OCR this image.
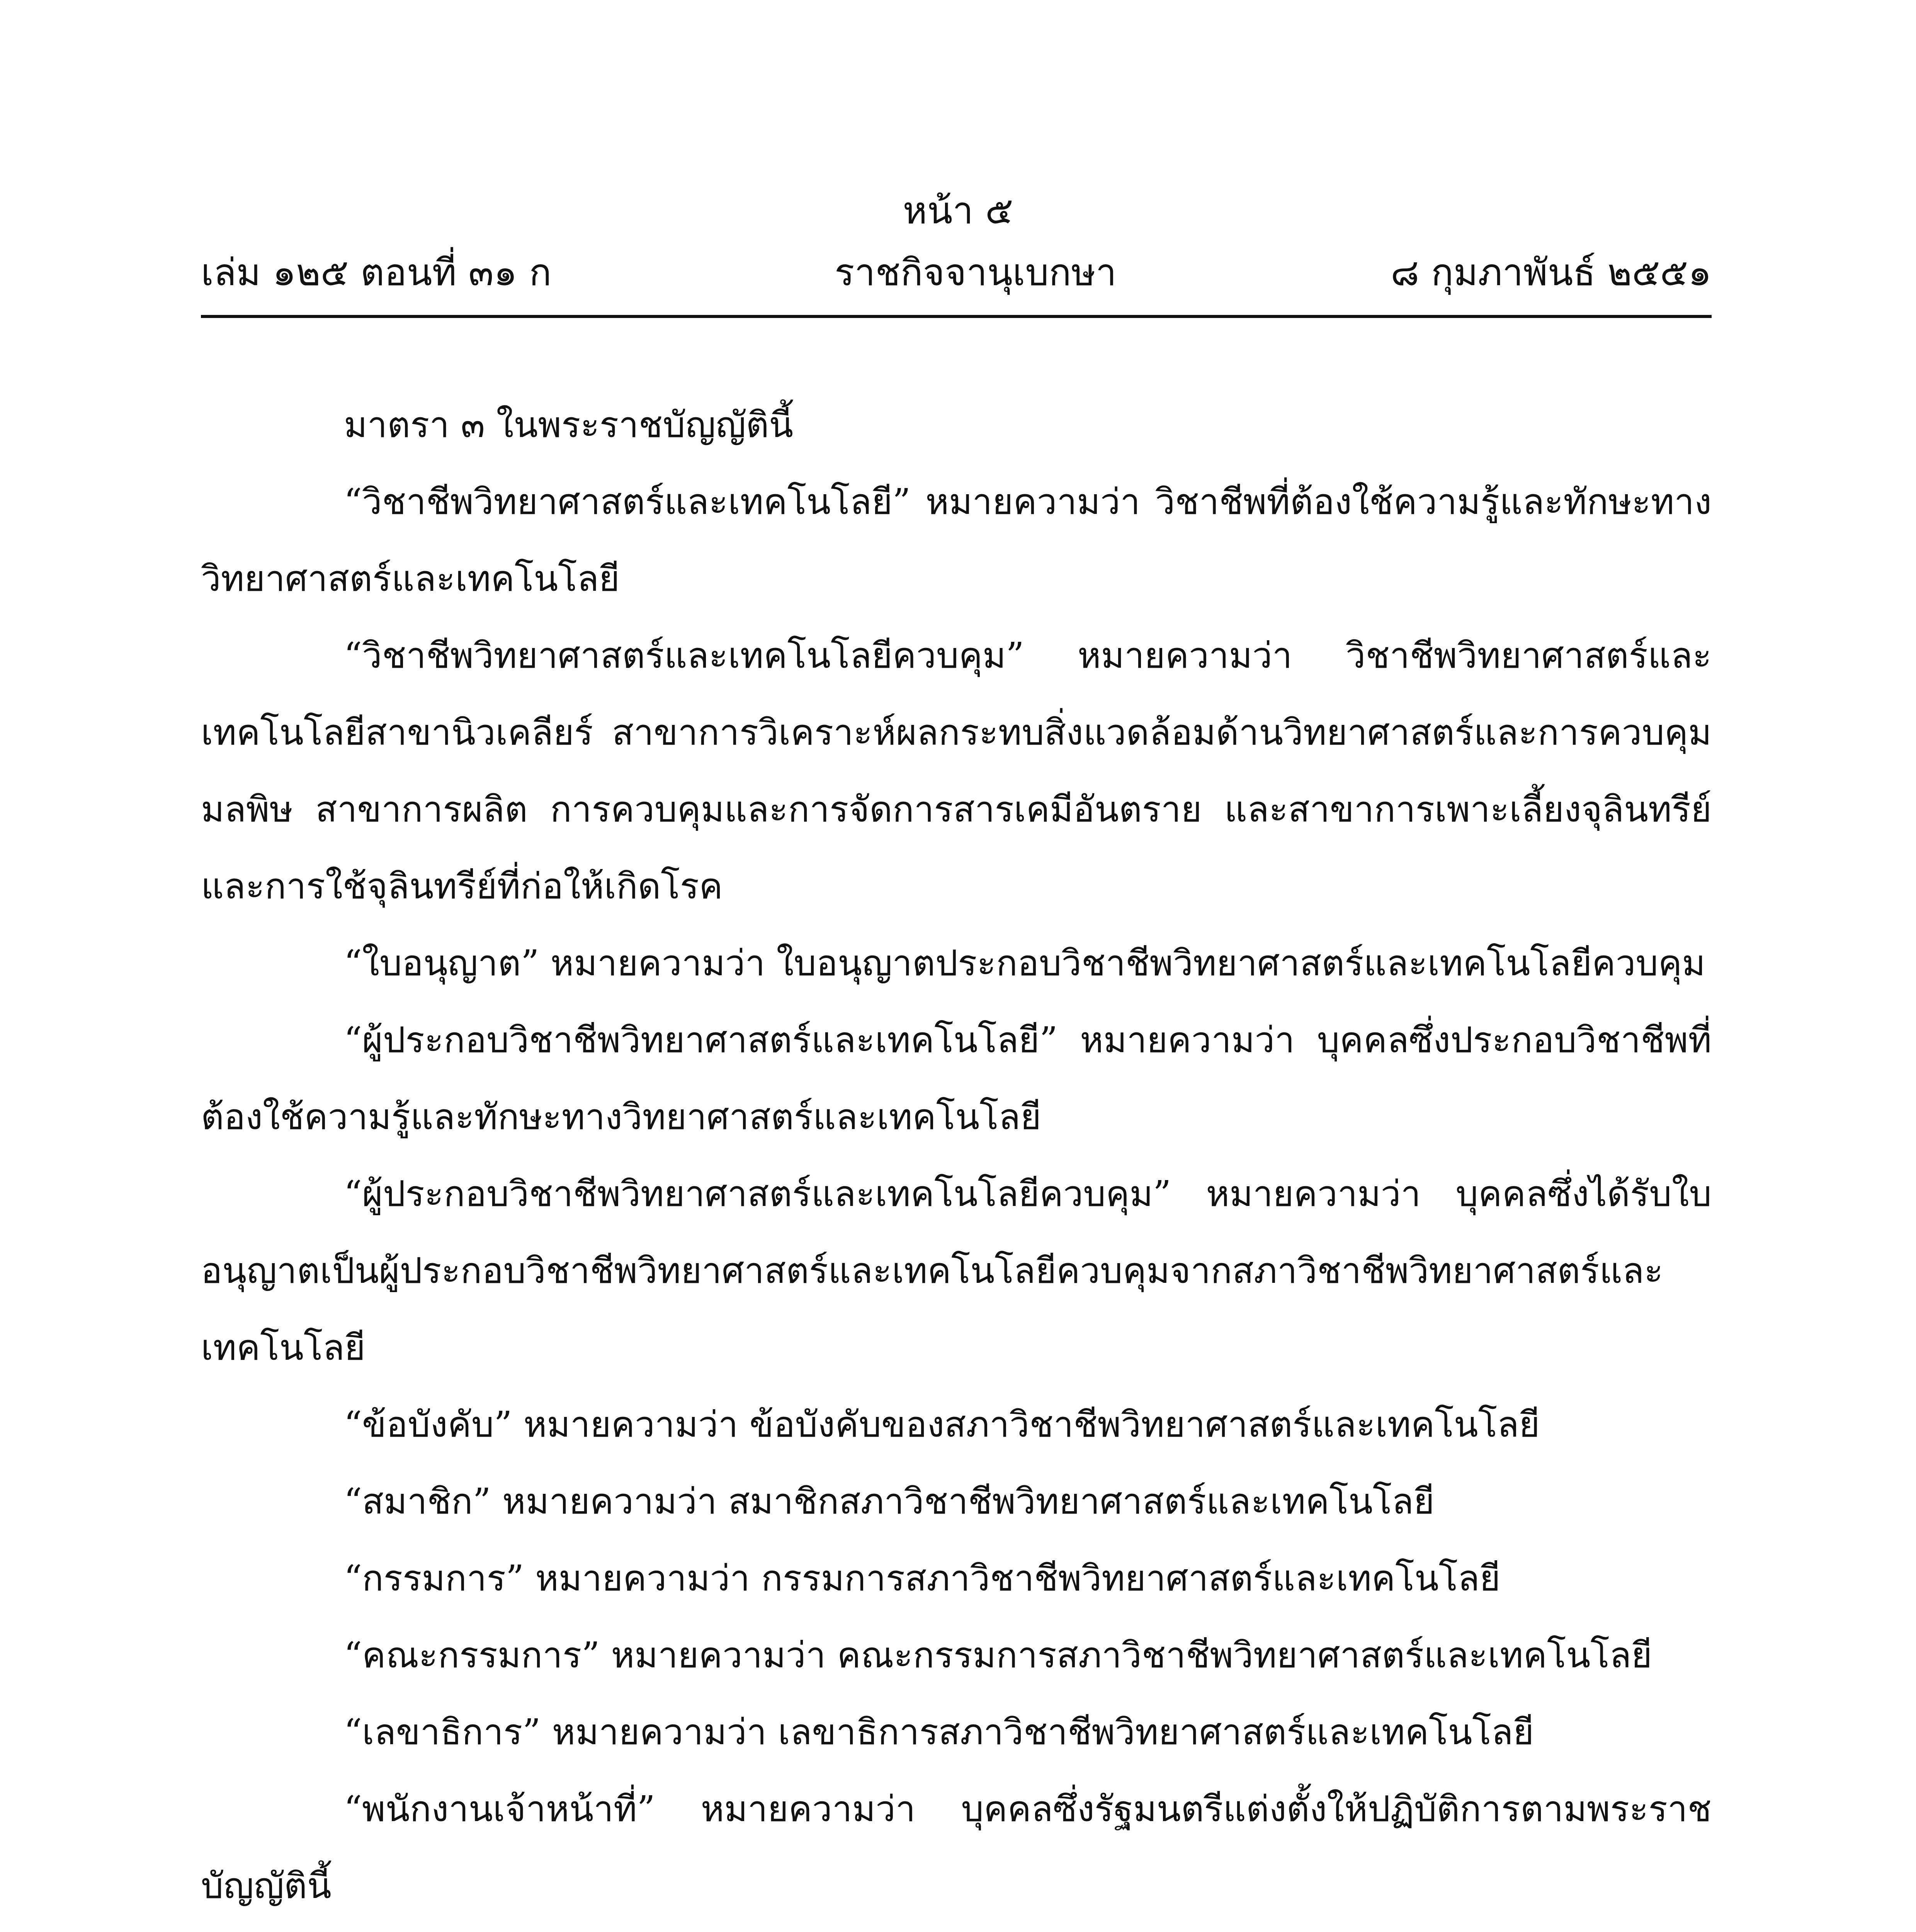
หน้า ๕
เล่ม ๑๒๕ ตอนที่ ๓๑ ก	ราชกิจจานุเบกษา	๘ กุมภาพันธ์ ๒๕๕๑

มาตรา ๓ ในพระราชบัญญัตินี้

“วิชาชีพวิทยาศาสตร์และเทคโนโลยี” หมายความว่า วิชาชีพที่ต้องใช้ความรู้และทักษะทางวิทยาศาสตร์และเทคโนโลยี

“วิชาชีพวิทยาศาสตร์และเทคโนโลยีควบคุม” หมายความว่า วิชาชีพวิทยาศาสตร์และเทคโนโลยีสาขานิวเคลียร์ สาขาการวิเคราะห์ผลกระทบสิ่งแวดล้อมด้านวิทยาศาสตร์และการควบคุมมลพิษ สาขาการผลิต การควบคุมและการจัดการสารเคมีอันตราย และสาขาการเพาะเลี้ยงจุลินทรีย์และการใช้จุลินทรีย์ที่ก่อให้เกิดโรค

“ใบอนุญาต” หมายความว่า ใบอนุญาตประกอบวิชาชีพวิทยาศาสตร์และเทคโนโลยีควบคุม

“ผู้ประกอบวิชาชีพวิทยาศาสตร์และเทคโนโลยี” หมายความว่า บุคคลซึ่งประกอบวิชาชีพที่ต้องใช้ความรู้และทักษะทางวิทยาศาสตร์และเทคโนโลยี

“ผู้ประกอบวิชาชีพวิทยาศาสตร์และเทคโนโลยีควบคุม” หมายความว่า บุคคลซึ่งได้รับใบอนุญาตเป็นผู้ประกอบวิชาชีพวิทยาศาสตร์และเทคโนโลยีควบคุมจากสภาวิชาชีพวิทยาศาสตร์และเทคโนโลยี

“ข้อบังคับ” หมายความว่า ข้อบังคับของสภาวิชาชีพวิทยาศาสตร์และเทคโนโลยี

“สมาชิก” หมายความว่า สมาชิกสภาวิชาชีพวิทยาศาสตร์และเทคโนโลยี

“กรรมการ” หมายความว่า กรรมการสภาวิชาชีพวิทยาศาสตร์และเทคโนโลยี

“คณะกรรมการ” หมายความว่า คณะกรรมการสภาวิชาชีพวิทยาศาสตร์และเทคโนโลยี

“เลขาธิการ” หมายความว่า เลขาธิการสภาวิชาชีพวิทยาศาสตร์และเทคโนโลยี

“พนักงานเจ้าหน้าที่” หมายความว่า บุคคลซึ่งรัฐมนตรีแต่งตั้งให้ปฏิบัติการตามพระราชบัญญัตินี้
